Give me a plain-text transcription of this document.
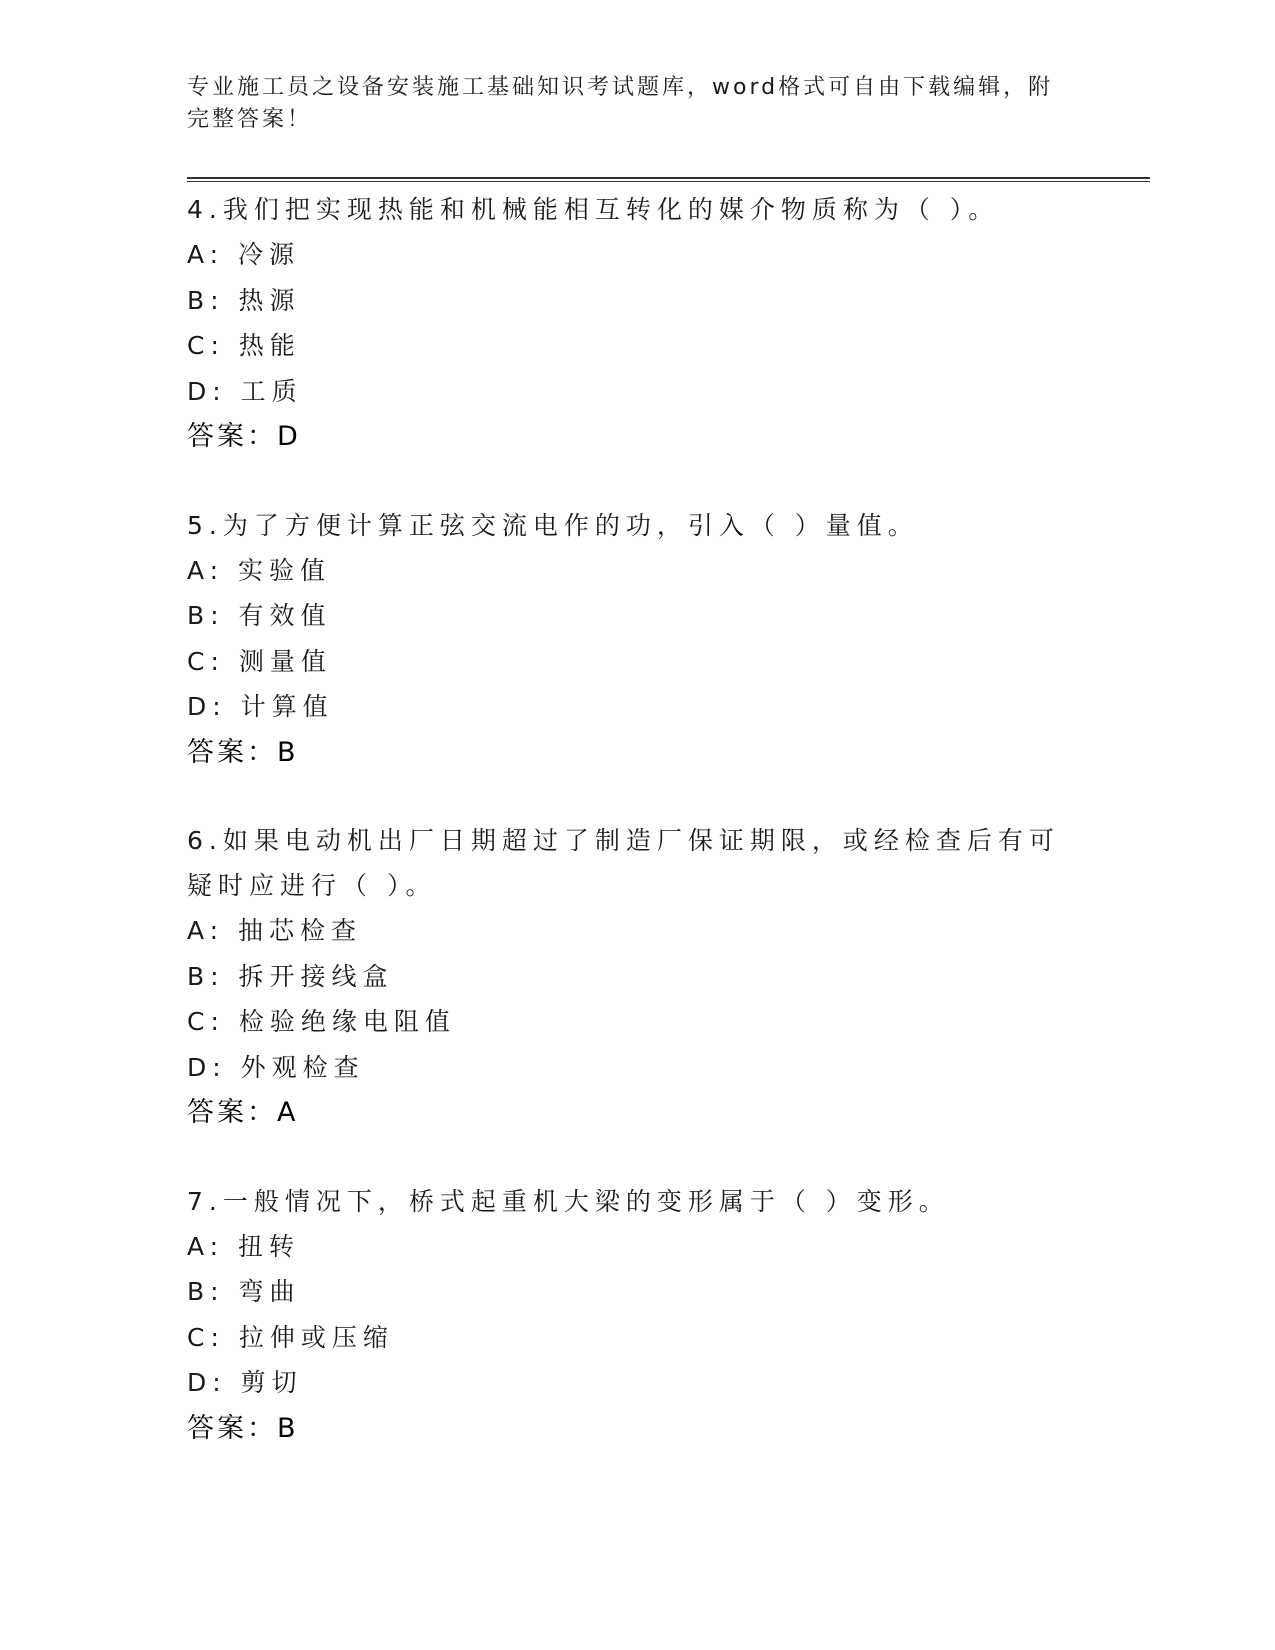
专业施工员之设备安装施工基础知识考试题库，word格式可自由下载编辑，附完整答案！

4.我们把实现热能和机械能相互转化的媒介物质称为（ ）。

A: 冷源

B: 热源

C: 热能

D: 工质

答案：D

5.为了方便计算正弦交流电作的功，引入（ ）量值。

A: 实验值

B: 有效值

C: 测量值

D: 计算值

答案：B

6.如果电动机出厂日期超过了制造厂保证期限，或经检查后有可疑时应进行（ ）。

A: 抽芯检查

B: 拆开接线盒

C: 检验绝缘电阻值

D: 外观检查

答案：A

7.一般情况下，桥式起重机大梁的变形属于（ ）变形。

A: 扭转

B: 弯曲

C: 拉伸或压缩

D: 剪切

答案：B
